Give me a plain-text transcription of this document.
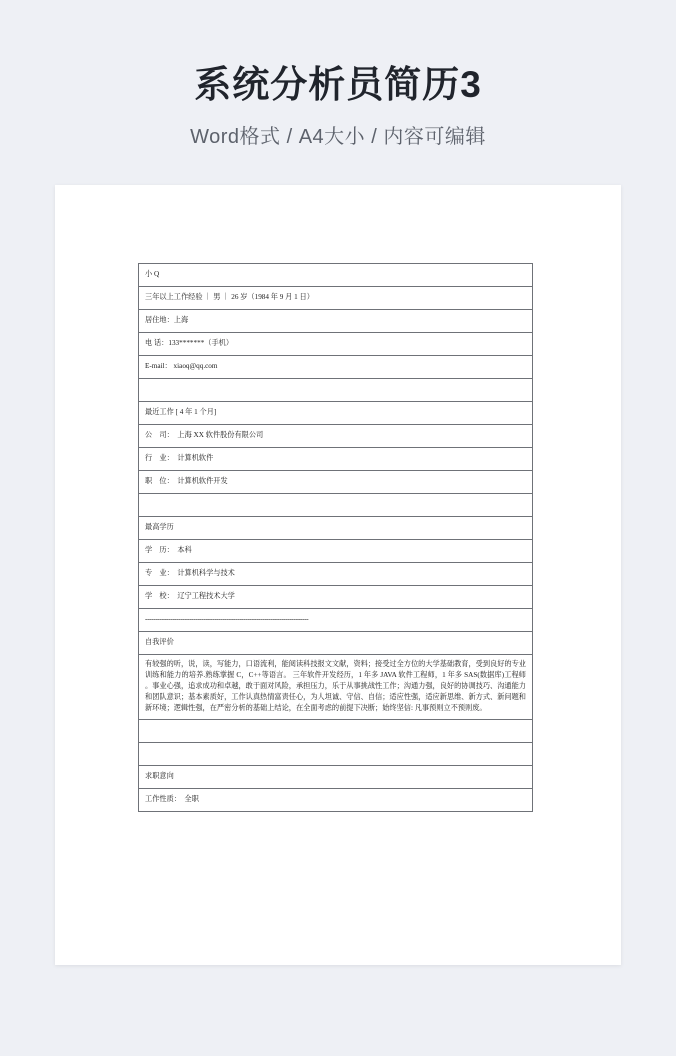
系统分析员简历3
Word格式 / A4大小 / 内容可编辑
小 Q
三年以上工作经验 ｜ 男 ｜ 26 岁（1984 年 9 月 1 日）
居住地：上海
电 话：133*******（手机）
E-mail： xiaoq@qq.com

最近工作 [ 4 年 1 个月]
公　司：　上海 XX 软件股份有限公司
行　业：　计算机软件
职　位：　计算机软件开发

最高学历
学　历：　本科
专　业：　计算机科学与技术
学　校：　辽宁工程技术大学
------------------------------------------------------------------------------
自我评价
有较强的听，说，读，写能力，口语流利，能阅读科技报文文献，资料；接受过全方位的大学基础教育，受到良好的专业训练和能力的培养.熟练掌握 C，C++等语言。 三年软件开发经历，1 年多 JAVA 软件工程师，1 年多 SAS(数据库)工程师 。事业心强，追求成功和卓越，敢于面对风险，承担压力，乐于从事挑战性工作；沟通力强，良好的协调技巧、沟通能力和团队意识；基本素质好，工作认真热情富责任心，为人坦诚、守信、自信；适应性强，适应新思维、新方式、新问题和新环境；逻辑性强，在严密分析的基础上结论，在全面考虑的前提下决断；始终坚信: 凡事预则立不预则废。

求职意向
工作性质：　全职
